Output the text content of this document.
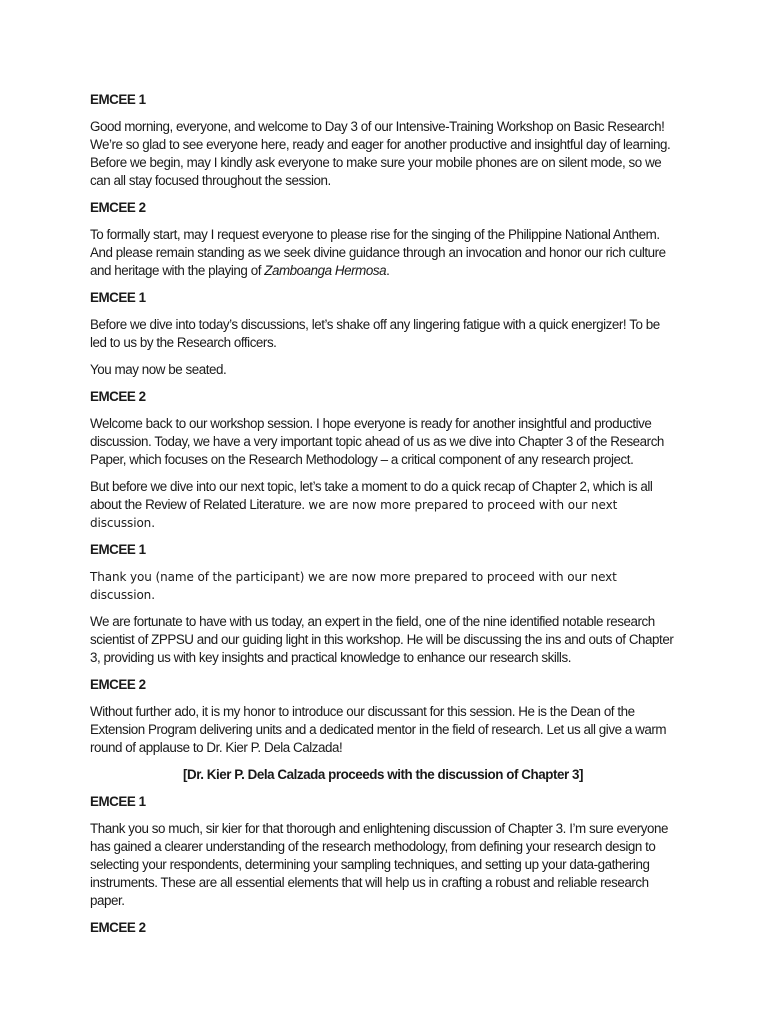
EMCEE 1

Good morning, everyone, and welcome to Day 3 of our Intensive-Training Workshop on Basic Research! We’re so glad to see everyone here, ready and eager for another productive and insightful day of learning. Before we begin, may I kindly ask everyone to make sure your mobile phones are on silent mode, so we can all stay focused throughout the session.

EMCEE 2

To formally start, may I request everyone to please rise for the singing of the Philippine National Anthem. And please remain standing as we seek divine guidance through an invocation and honor our rich culture and heritage with the playing of Zamboanga Hermosa.

EMCEE 1

Before we dive into today’s discussions, let’s shake off any lingering fatigue with a quick energizer! To be led to us by the Research officers.

You may now be seated.

EMCEE 2

Welcome back to our workshop session. I hope everyone is ready for another insightful and productive discussion. Today, we have a very important topic ahead of us as we dive into Chapter 3 of the Research Paper, which focuses on the Research Methodology – a critical component of any research project.

But before we dive into our next topic, let’s take a moment to do a quick recap of Chapter 2, which is all about the Review of Related Literature. we are now more prepared to proceed with our next discussion.

EMCEE 1

Thank you (name of the participant) we are now more prepared to proceed with our next discussion.

We are fortunate to have with us today, an expert in the field, one of the nine identified notable research scientist of ZPPSU and our guiding light in this workshop. He will be discussing the ins and outs of Chapter 3, providing us with key insights and practical knowledge to enhance our research skills.

EMCEE 2

Without further ado, it is my honor to introduce our discussant for this session. He is the Dean of the Extension Program delivering units and a dedicated mentor in the field of research. Let us all give a warm round of applause to Dr. Kier P. Dela Calzada!

[Dr. Kier P. Dela Calzada proceeds with the discussion of Chapter 3]

EMCEE 1

Thank you so much, sir kier for that thorough and enlightening discussion of Chapter 3. I’m sure everyone has gained a clearer understanding of the research methodology, from defining your research design to selecting your respondents, determining your sampling techniques, and setting up your data-gathering instruments. These are all essential elements that will help us in crafting a robust and reliable research paper.

EMCEE 2
